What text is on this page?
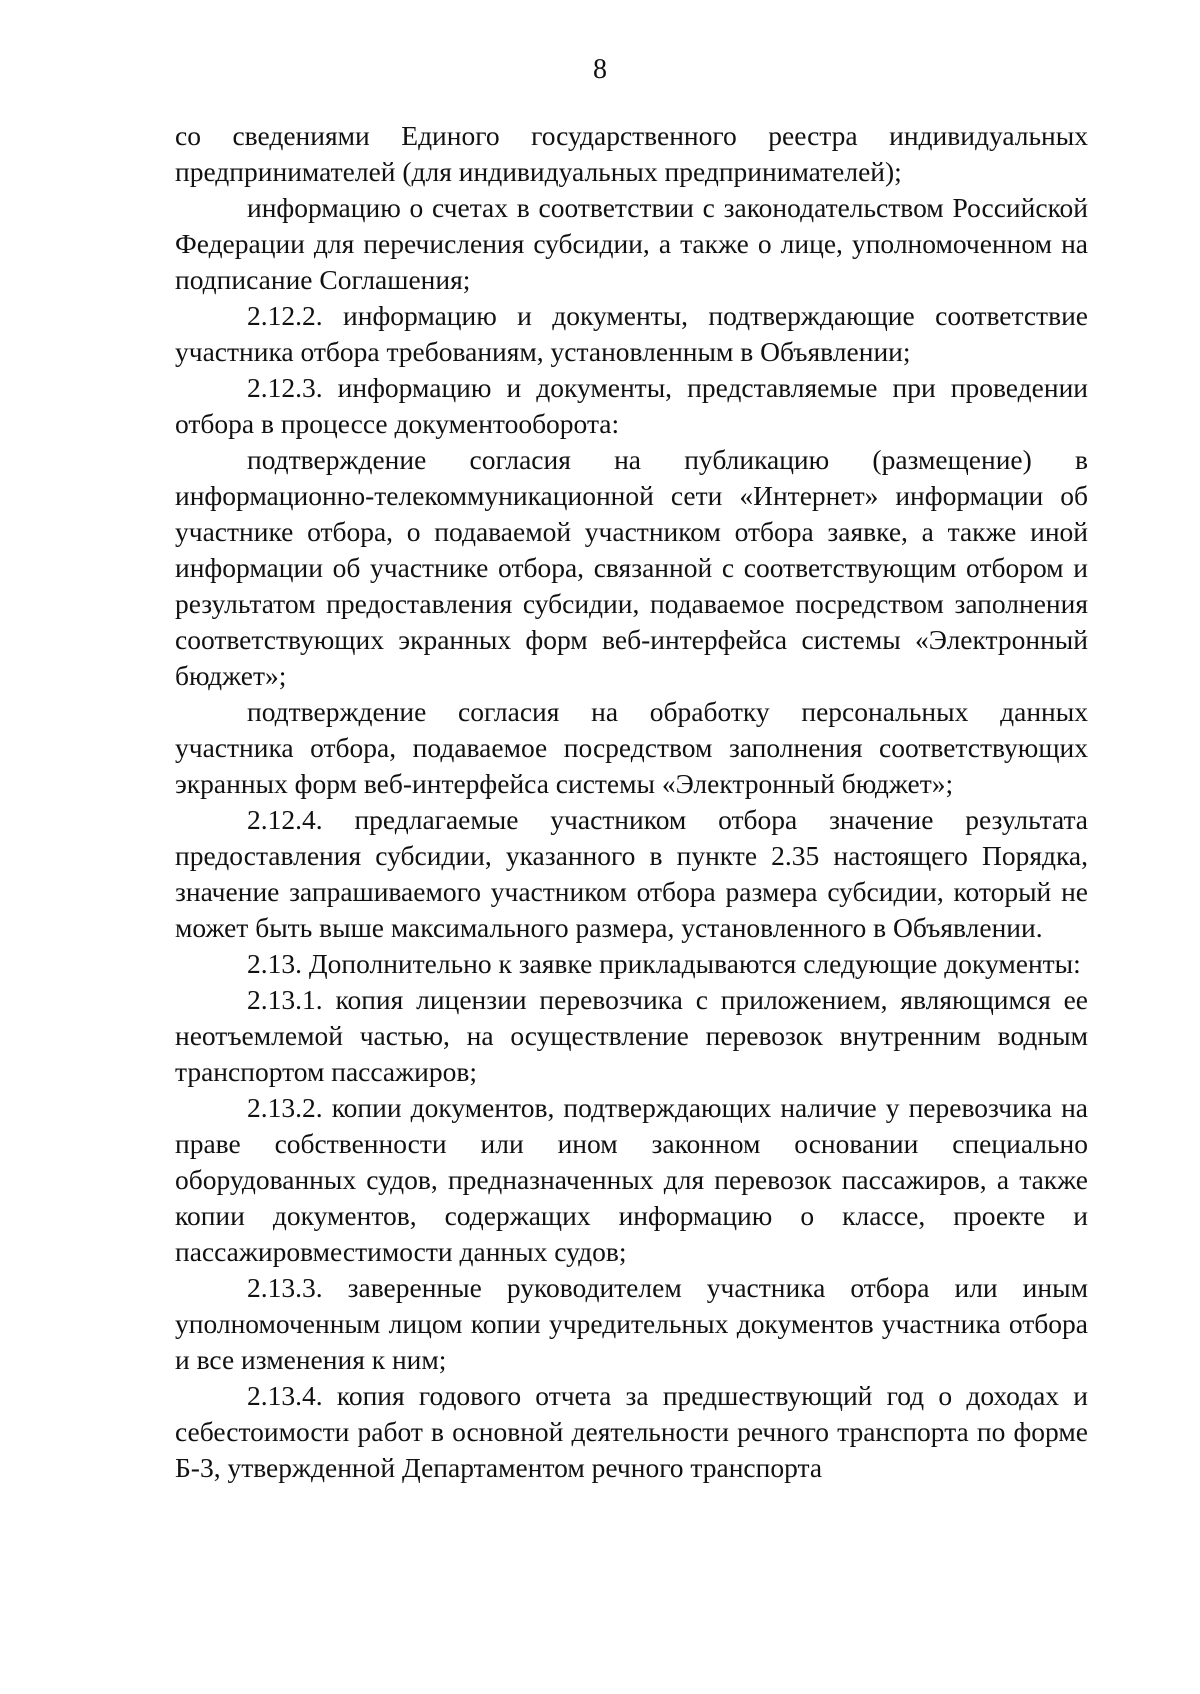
8

со сведениями Единого государственного реестра индивидуальных предпринимателей (для индивидуальных предпринимателей);

информацию о счетах в соответствии с законодательством Российской Федерации для перечисления субсидии, а также о лице, уполномоченном на подписание Соглашения;

2.12.2. информацию и документы, подтверждающие соответствие участника отбора требованиям, установленным в Объявлении;

2.12.3. информацию и документы, представляемые при проведении отбора в процессе документооборота:

подтверждение согласия на публикацию (размещение) в информационно-телекоммуникационной сети «Интернет» информации об участнике отбора, о подаваемой участником отбора заявке, а также иной информации об участнике отбора, связанной с соответствующим отбором и результатом предоставления субсидии, подаваемое посредством заполнения соответствующих экранных форм веб-интерфейса системы «Электронный бюджет»;

подтверждение согласия на обработку персональных данных участника отбора, подаваемое посредством заполнения соответствующих экранных форм веб-интерфейса системы «Электронный бюджет»;

2.12.4. предлагаемые участником отбора значение результата предоставления субсидии, указанного в пункте 2.35 настоящего Порядка, значение запрашиваемого участником отбора размера субсидии, который не может быть выше максимального размера, установленного в Объявлении.

2.13. Дополнительно к заявке прикладываются следующие документы:

2.13.1. копия лицензии перевозчика с приложением, являющимся ее неотъемлемой частью, на осуществление перевозок внутренним водным транспортом пассажиров;

2.13.2. копии документов, подтверждающих наличие у перевозчика на праве собственности или ином законном основании специально оборудованных судов, предназначенных для перевозок пассажиров, а также копии документов, содержащих информацию о классе, проекте и пассажировместимости данных судов;

2.13.3. заверенные руководителем участника отбора или иным уполномоченным лицом копии учредительных документов участника отбора и все изменения к ним;

2.13.4. копия годового отчета за предшествующий год о доходах и себестоимости работ в основной деятельности речного транспорта по форме Б-3, утвержденной Департаментом речного транспорта
